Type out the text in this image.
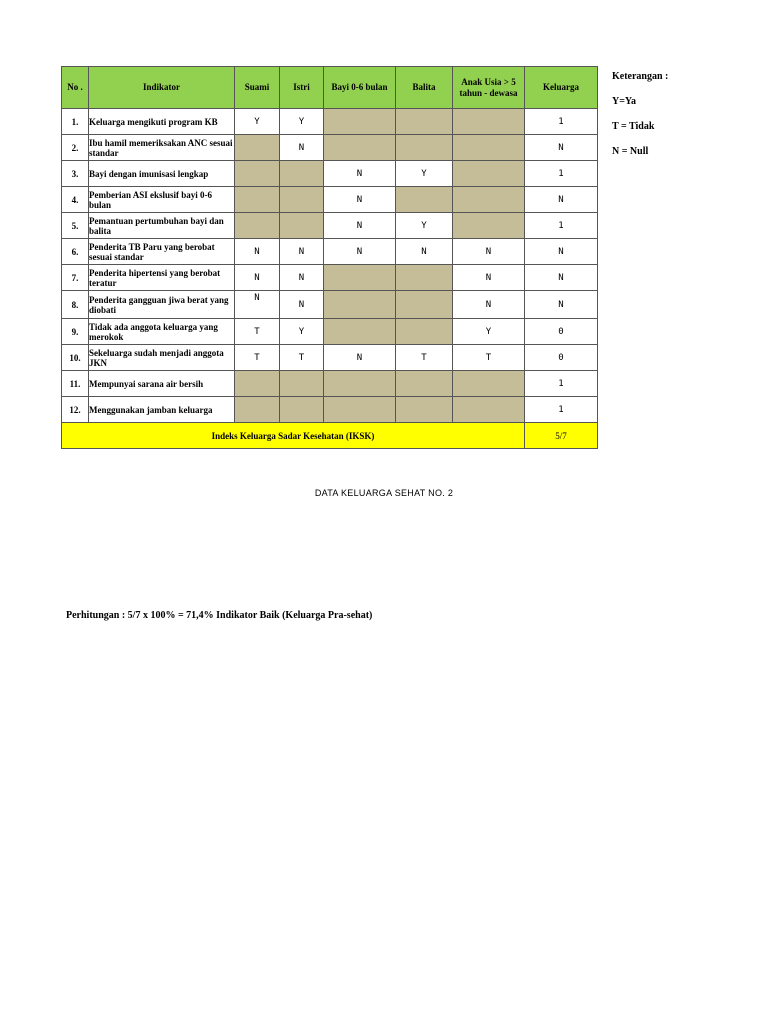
No .	Indikator	Suami	Istri	Bayi 0-6 bulan	Balita	Anak Usia > 5 tahun - dewasa	Keluarga
1.	Keluarga mengikuti program KB	Y	Y				1
2.	Ibu hamil memeriksakan ANC sesuai standar		N				N
3.	Bayi dengan imunisasi lengkap			N	Y		1
4.	Pemberian ASI ekslusif bayi 0-6 bulan			N			N
5.	Pemantuan pertumbuhan bayi dan balita			N	Y		1
6.	Penderita TB Paru yang berobat sesuai standar	N	N	N	N	N	N
7.	Penderita hipertensi yang berobat teratur	N	N			N	N
8.	Penderita gangguan jiwa berat yang diobati	N	N			N	N
9.	Tidak ada anggota keluarga yang merokok	T	Y			Y	0
10.	Sekeluarga sudah menjadi anggota JKN	T	T	N	T	T	0
11.	Mempunyai sarana air bersih						1
12.	Menggunakan jamban keluarga						1
Indeks Keluarga Sadar Kesehatan (IKSK)							5/7
Keterangan :
Y=Ya
T = Tidak
N = Null
DATA KELUARGA SEHAT NO. 2
Perhitungan : 5/7 x 100% = 71,4% Indikator Baik (Keluarga Pra-sehat)
